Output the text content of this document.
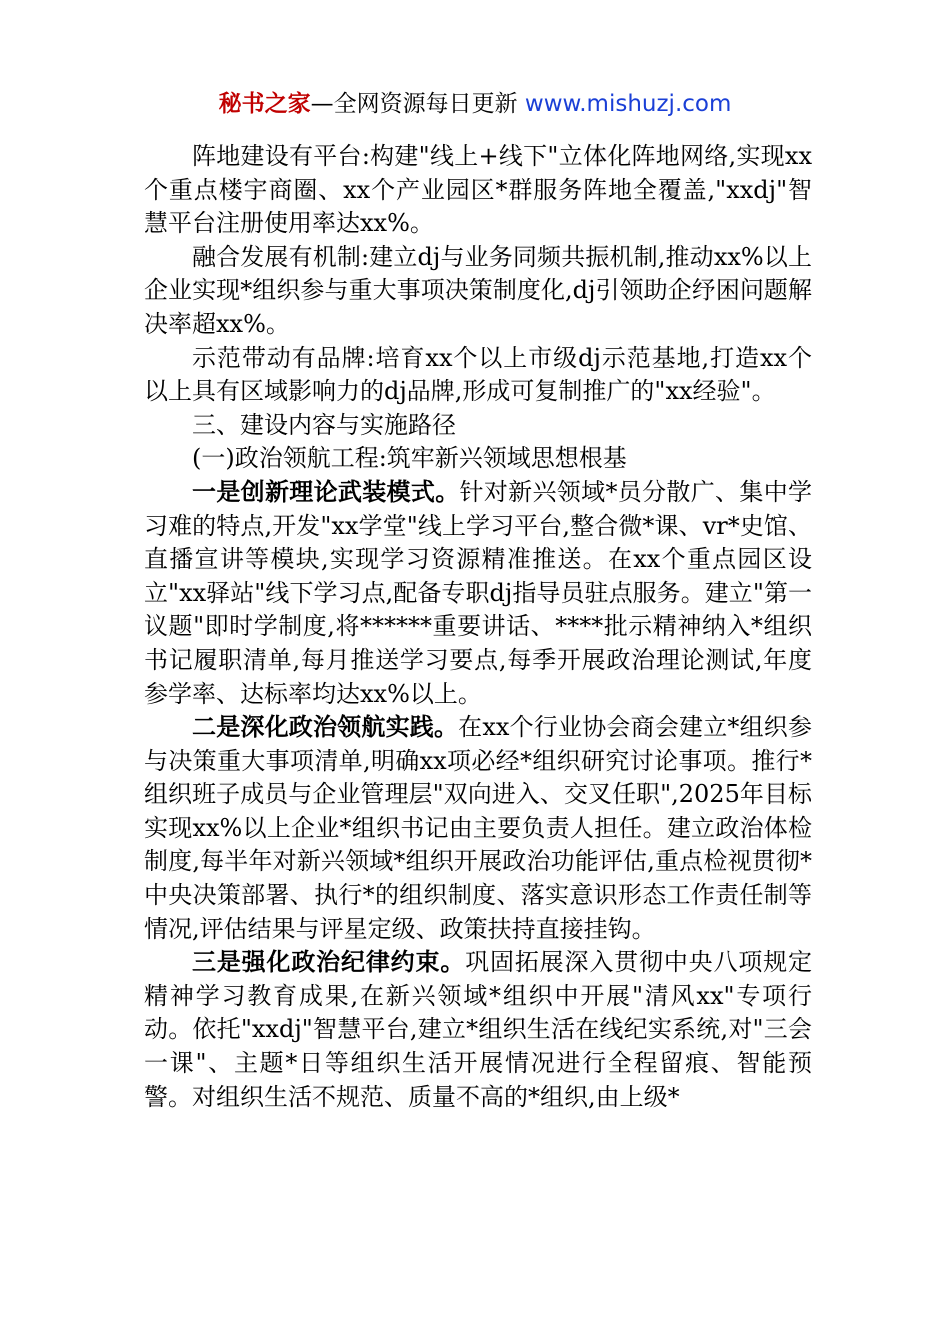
秘书之家—全网资源每日更新 www.mishuzj.com

阵地建设有平台:构建"线上+线下"立体化阵地网络,实现xx个重点楼宇商圈、xx个产业园区*群服务阵地全覆盖,"xxdj"智慧平台注册使用率达xx%。

融合发展有机制:建立dj与业务同频共振机制,推动xx%以上企业实现*组织参与重大事项决策制度化,dj引领助企纾困问题解决率超xx%。

示范带动有品牌:培育xx个以上市级dj示范基地,打造xx个以上具有区域影响力的dj品牌,形成可复制推广的"xx经验"。

三、建设内容与实施路径

(一)政治领航工程:筑牢新兴领域思想根基

一是创新理论武装模式。针对新兴领域*员分散广、集中学习难的特点,开发"xx学堂"线上学习平台,整合微*课、vr*史馆、直播宣讲等模块,实现学习资源精准推送。在xx个重点园区设立"xx驿站"线下学习点,配备专职dj指导员驻点服务。建立"第一议题"即时学制度,将******重要讲话、****批示精神纳入*组织书记履职清单,每月推送学习要点,每季开展政治理论测试,年度参学率、达标率均达xx%以上。

二是深化政治领航实践。在xx个行业协会商会建立*组织参与决策重大事项清单,明确xx项必经*组织研究讨论事项。推行*组织班子成员与企业管理层"双向进入、交叉任职",2025年目标实现xx%以上企业*组织书记由主要负责人担任。建立政治体检制度,每半年对新兴领域*组织开展政治功能评估,重点检视贯彻*中央决策部署、执行*的组织制度、落实意识形态工作责任制等情况,评估结果与评星定级、政策扶持直接挂钩。

三是强化政治纪律约束。巩固拓展深入贯彻中央八项规定精神学习教育成果,在新兴领域*组织中开展"清风xx"专项行动。依托"xxdj"智慧平台,建立*组织生活在线纪实系统,对"三会一课"、主题*日等组织生活开展情况进行全程留痕、智能预警。对组织生活不规范、质量不高的*组织,由上级*
